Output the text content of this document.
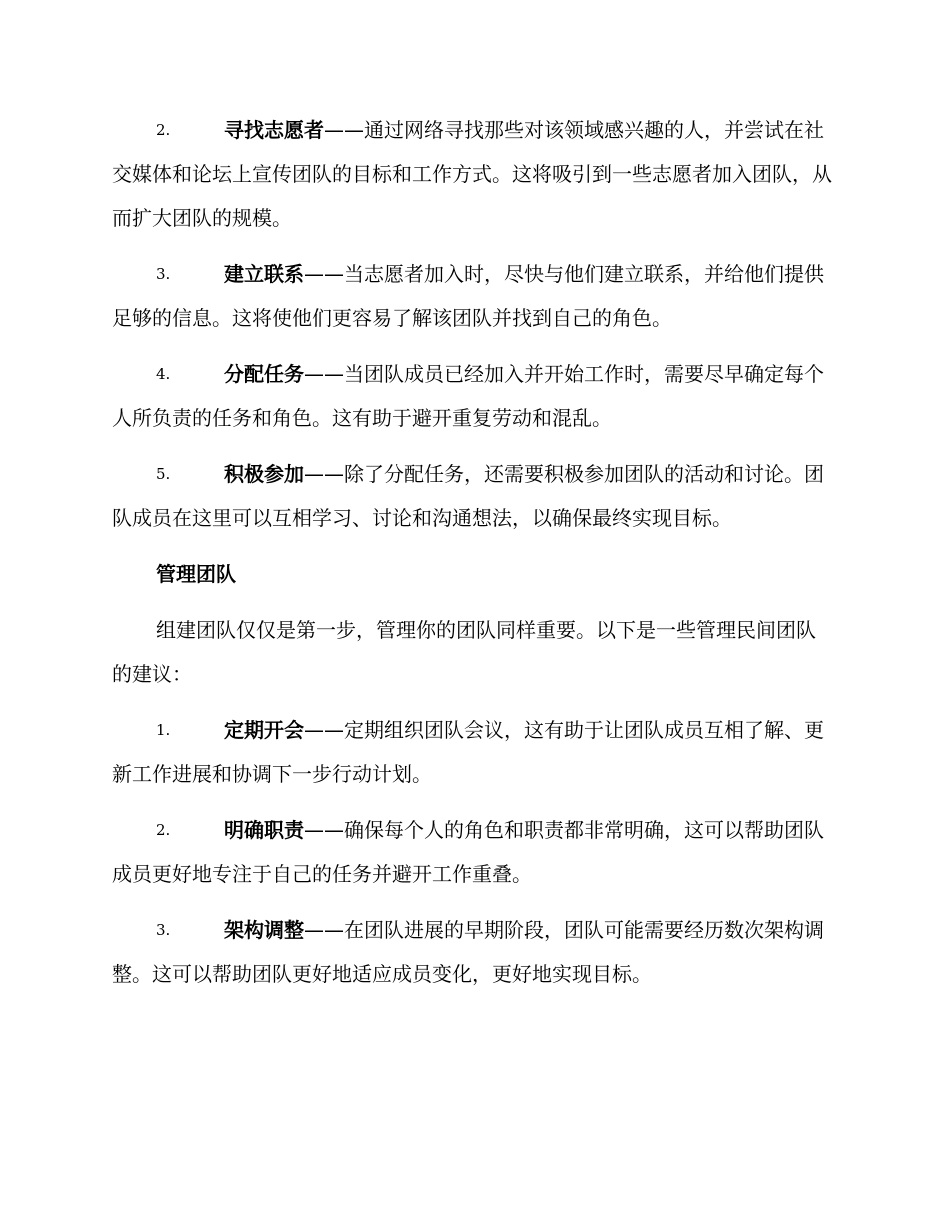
2.	寻找志愿者——通过网络寻找那些对该领域感兴趣的人，并尝试在社交媒体和论坛上宣传团队的目标和工作方式。这将吸引到一些志愿者加入团队，从而扩大团队的规模。

3.	建立联系——当志愿者加入时，尽快与他们建立联系，并给他们提供足够的信息。这将使他们更容易了解该团队并找到自己的角色。

4.	分配任务——当团队成员已经加入并开始工作时，需要尽早确定每个人所负责的任务和角色。这有助于避开重复劳动和混乱。

5.	积极参加——除了分配任务，还需要积极参加团队的活动和讨论。团队成员在这里可以互相学习、讨论和沟通想法，以确保最终实现目标。

管理团队

组建团队仅仅是第一步，管理你的团队同样重要。以下是一些管理民间团队的建议：

1.	定期开会——定期组织团队会议，这有助于让团队成员互相了解、更新工作进展和协调下一步行动计划。

2.	明确职责——确保每个人的角色和职责都非常明确，这可以帮助团队成员更好地专注于自己的任务并避开工作重叠。

3.	架构调整——在团队进展的早期阶段，团队可能需要经历数次架构调整。这可以帮助团队更好地适应成员变化，更好地实现目标。
